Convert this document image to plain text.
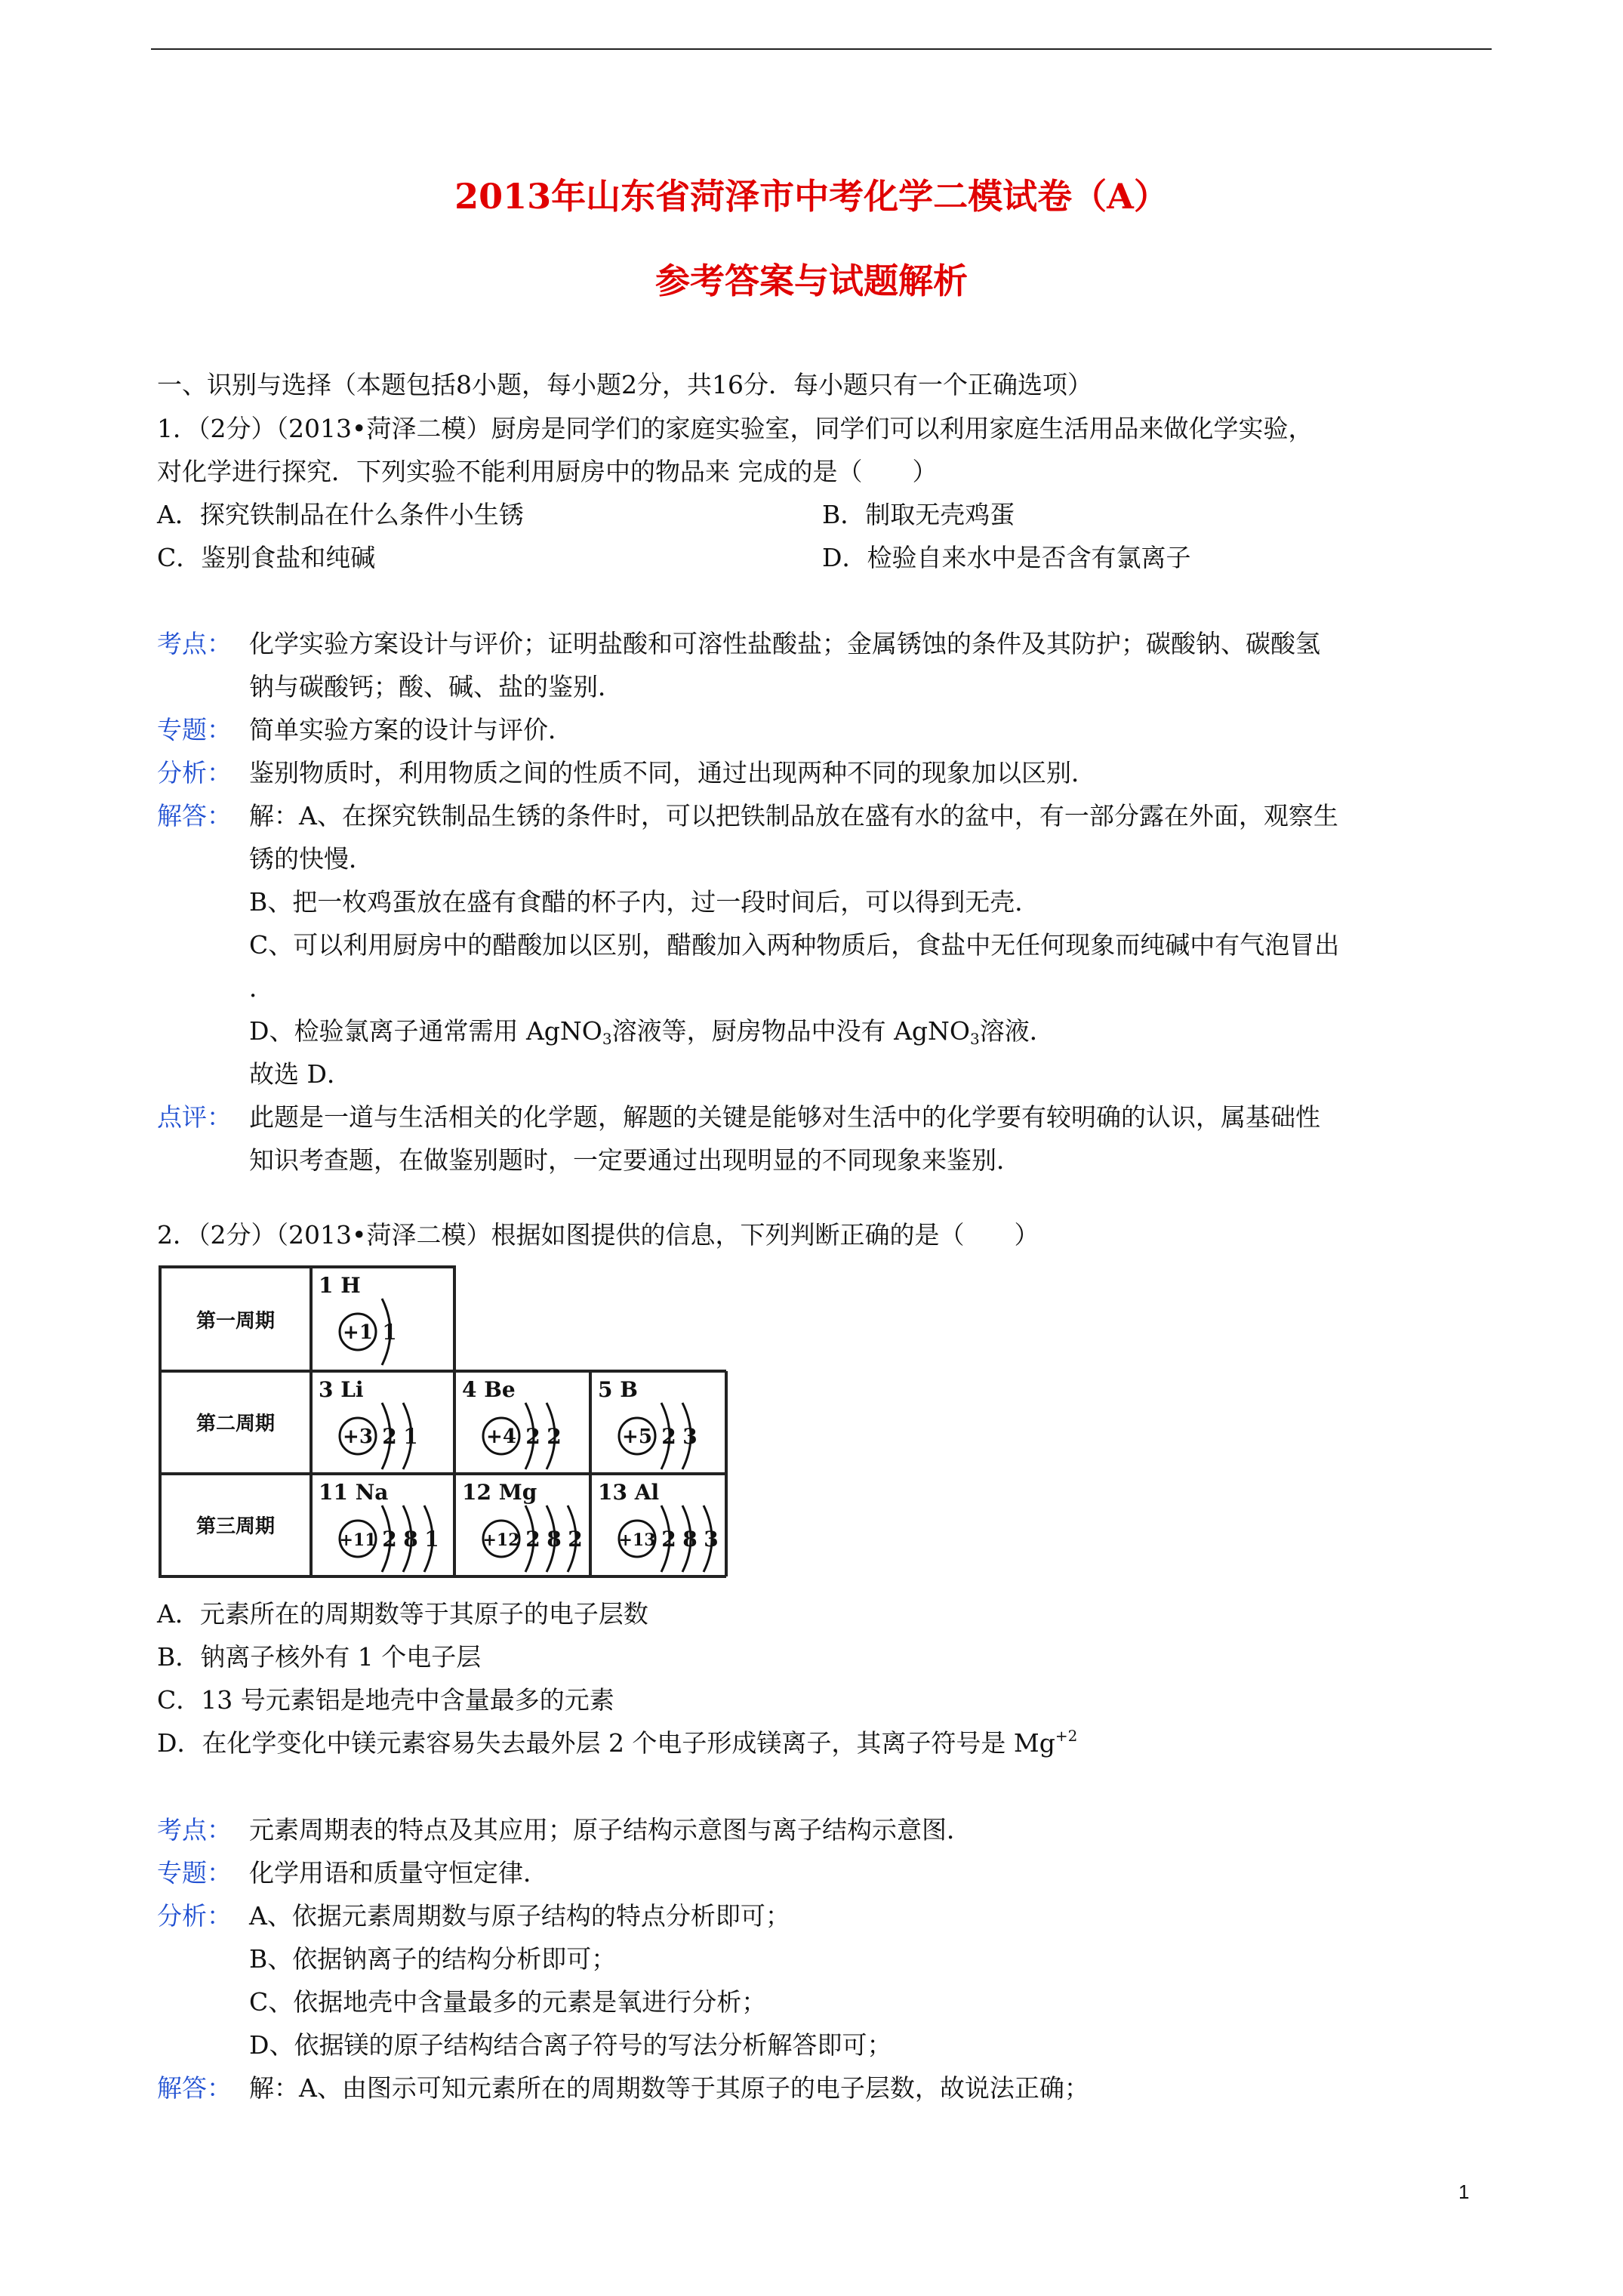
2013年山东省菏泽市中考化学二模试卷（A）
参考答案与试题解析
一、识别与选择（本题包括8小题，每小题2分，共16分．每小题只有一个正确选项）
1．（2分）（2013•菏泽二模）厨房是同学们的家庭实验室，同学们可以利用家庭生活用品来做化学实验，
对化学进行探究．下列实验不能利用厨房中的物品来 完成的是（　　）
A．探究铁制品在什么条件小生锈	B．制取无壳鸡蛋
C．鉴别食盐和纯碱	D．检验自来水中是否含有氯离子
考点： 化学实验方案设计与评价；证明盐酸和可溶性盐酸盐；金属锈蚀的条件及其防护；碳酸钠、碳酸氢
钠与碳酸钙；酸、碱、盐的鉴别．
专题： 简单实验方案的设计与评价．
分析： 鉴别物质时，利用物质之间的性质不同，通过出现两种不同的现象加以区别．
解答： 解：A、在探究铁制品生锈的条件时，可以把铁制品放在盛有水的盆中，有一部分露在外面，观察生
锈的快慢．
B、把一枚鸡蛋放在盛有食醋的杯子内，过一段时间后，可以得到无壳．
C、可以利用厨房中的醋酸加以区别，醋酸加入两种物质后，食盐中无任何现象而纯碱中有气泡冒出
．
D、检验氯离子通常需用 AgNO$_3$溶液等，厨房物品中没有 AgNO$_3$溶液．
故选 D．
点评： 此题是一道与生活相关的化学题，解题的关键是能够对生活中的化学要有较明确的认识，属基础性
知识考查题，在做鉴别题时，一定要通过出现明显的不同现象来鉴别．
2．（2分）（2013•菏泽二模）根据如图提供的信息，下列判断正确的是（　　）
第一周期
第二周期
第三周期
1 H
+1 1
3 Li
+3 2 1
4 Be
+4 2 2
5 B
+5 2 3
11 Na
+11 2 8 1
12 Mg
+12 2 8 2
13 Al
+13 2 8 3
A．元素所在的周期数等于其原子的电子层数
B．钠离子核外有 1 个电子层
C．13 号元素铝是地壳中含量最多的元素
D．在化学变化中镁元素容易失去最外层 2 个电子形成镁离子，其离子符号是 $Mg^{+2}$
考点： 元素周期表的特点及其应用；原子结构示意图与离子结构示意图．
专题： 化学用语和质量守恒定律．
分析： A、依据元素周期数与原子结构的特点分析即可；
B、依据钠离子的结构分析即可；
C、依据地壳中含量最多的元素是氧进行分析；
D、依据镁的原子结构结合离子符号的写法分析解答即可；
解答： 解：A、由图示可知元素所在的周期数等于其原子的电子层数，故说法正确；
1
